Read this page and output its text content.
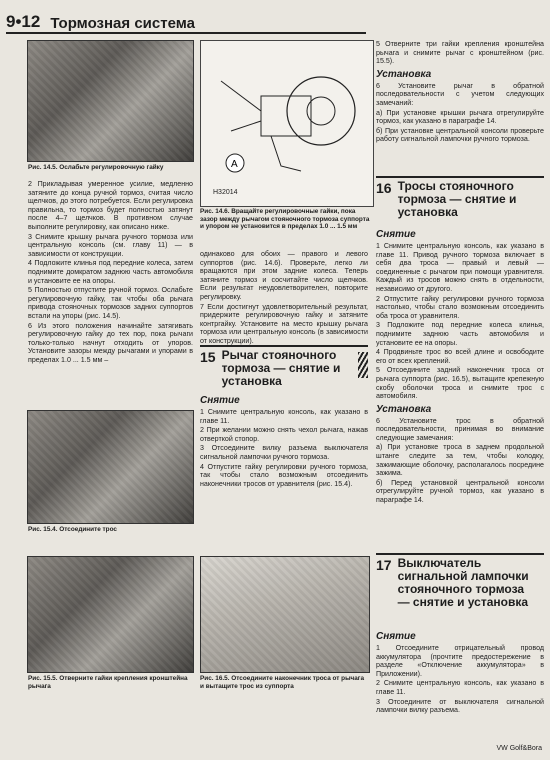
9•12 Тормозная система
Рис. 14.5. Ослабьте регулировочную гайку	A
H32014
Рис. 14.6. Вращайте регулировочные гайки, пока зазор между рычагом стояночного тормоза суппорта и упором не установится в пределах 1.0 ... 1.5 мм

2 Прикладывая умеренное усилие, медленно затяните до конца ручной тормоз, считая число щелчков, до этого потребуется. Если регулировка правильна, то тормоз будет полностью затянут после 4–7 щелчков. В противном случае выполните регулировку, как описано ниже.

3 Снимите крышку рычага ручного тормоза или центральную консоль (см. главу 11) — в зависимости от конструкции.

4 Подложите клинья под передние колеса, затем поднимите домкратом заднюю часть автомобиля и установите ее на опоры.

5 Полностью отпустите ручной тормоз. Ослабьте регулировочную гайку, так чтобы оба рычага привода стояночных тормозов задних суппортов встали на упоры (рис. 14.5).

6 Из этого положения начинайте затягивать регулировочную гайку до тех пор, пока рычаги только-только начнут отходить от упоров. Установите зазоры между рычагами и упорами в пределах 1.0 ... 1.5 мм –

Рис. 15.4. Отсоедините трос
Рис. 15.5. Отверните гайки крепления кронштейна рычага

одинаково для обоих — правого и левого суппортов (рис. 14.6). Проверьте, легко ли вращаются при этом задние колеса. Теперь затяните тормоз и сосчитайте число щелчков. Если результат неудовлетворителен, повторите регулировку.

7 Если достигнут удовлетворительный результат, придержите регулировочную гайку и затяните контргайку. Установите на место крышку рычага тормоза или центральную консоль (в зависимости от конструкции).

15 Рычаг стояночного тормоза — снятие и установка
Снятие

1 Снимите центральную консоль, как указано в главе 11.

2 При желании можно снять чехол рычага, нажав отверткой стопор.

3 Отсоедините вилку разъема выключателя сигнальной лампочки ручного тормоза.

4 Отпустите гайку регулировки ручного тормоза, так чтобы стало возможным отсоединить наконечники тросов от уравнителя (рис. 15.4).

Рис. 16.5. Отсоедините наконечник троса от рычага и вытащите трос из суппорта

5 Отверните три гайки крепления кронштейна рычага и снимите рычаг с кронштейном (рис. 15.5).

Установка

6 Установите рычаг в обратной последовательности с учетом следующих замечаний:

а) При установке крышки рычага отрегулируйте тормоз, как указано в параграфе 14.

б) При установке центральной консоли проверьте работу сигнальной лампочки ручного тормоза.

16 Тросы стояночного тормоза — снятие и установка
Снятие

1 Снимите центральную консоль, как указано в главе 11. Привод ручного тормоза включает в себя два троса — правый и левый — соединенные с рычагом при помощи уравнителя. Каждый из тросов можно снять в отдельности, независимо от другого.

2 Отпустите гайку регулировки ручного тормоза настолько, чтобы стало возможным отсоединить оба троса от уравнителя.

3 Подложите под передние колеса клинья, поднимите заднюю часть автомобиля и установите ее на опоры.

4 Продвиньте трос во всей длине и освободите его от всех креплений.

5 Отсоедините задний наконечник троса от рычага суппорта (рис. 16.5), вытащите крепежную скобу оболочки троса и снимите трос с автомобиля.

Установка

6 Установите трос в обратной последовательности, принимая во внимание следующие замечания:

а) При установке троса в заднем продольной штанге следите за тем, чтобы колодку, зажимающие оболочку, располагалось посредине зажима.

б) Перед установкой центральной консоли отрегулируйте ручной тормоз, как указано в параграфе 14.

17 Выключатель сигнальной лампочки стояночного тормоза — снятие и установка
Снятие

1 Отсоедините отрицательный провод аккумулятора (прочтите предостережение в разделе «Отключение аккумулятора» в Приложении).

2 Снимите центральную консоль, как указано в главе 11.

3 Отсоедините от выключателя сигнальной лампочки вилку разъема.

VW Golf&Bora
